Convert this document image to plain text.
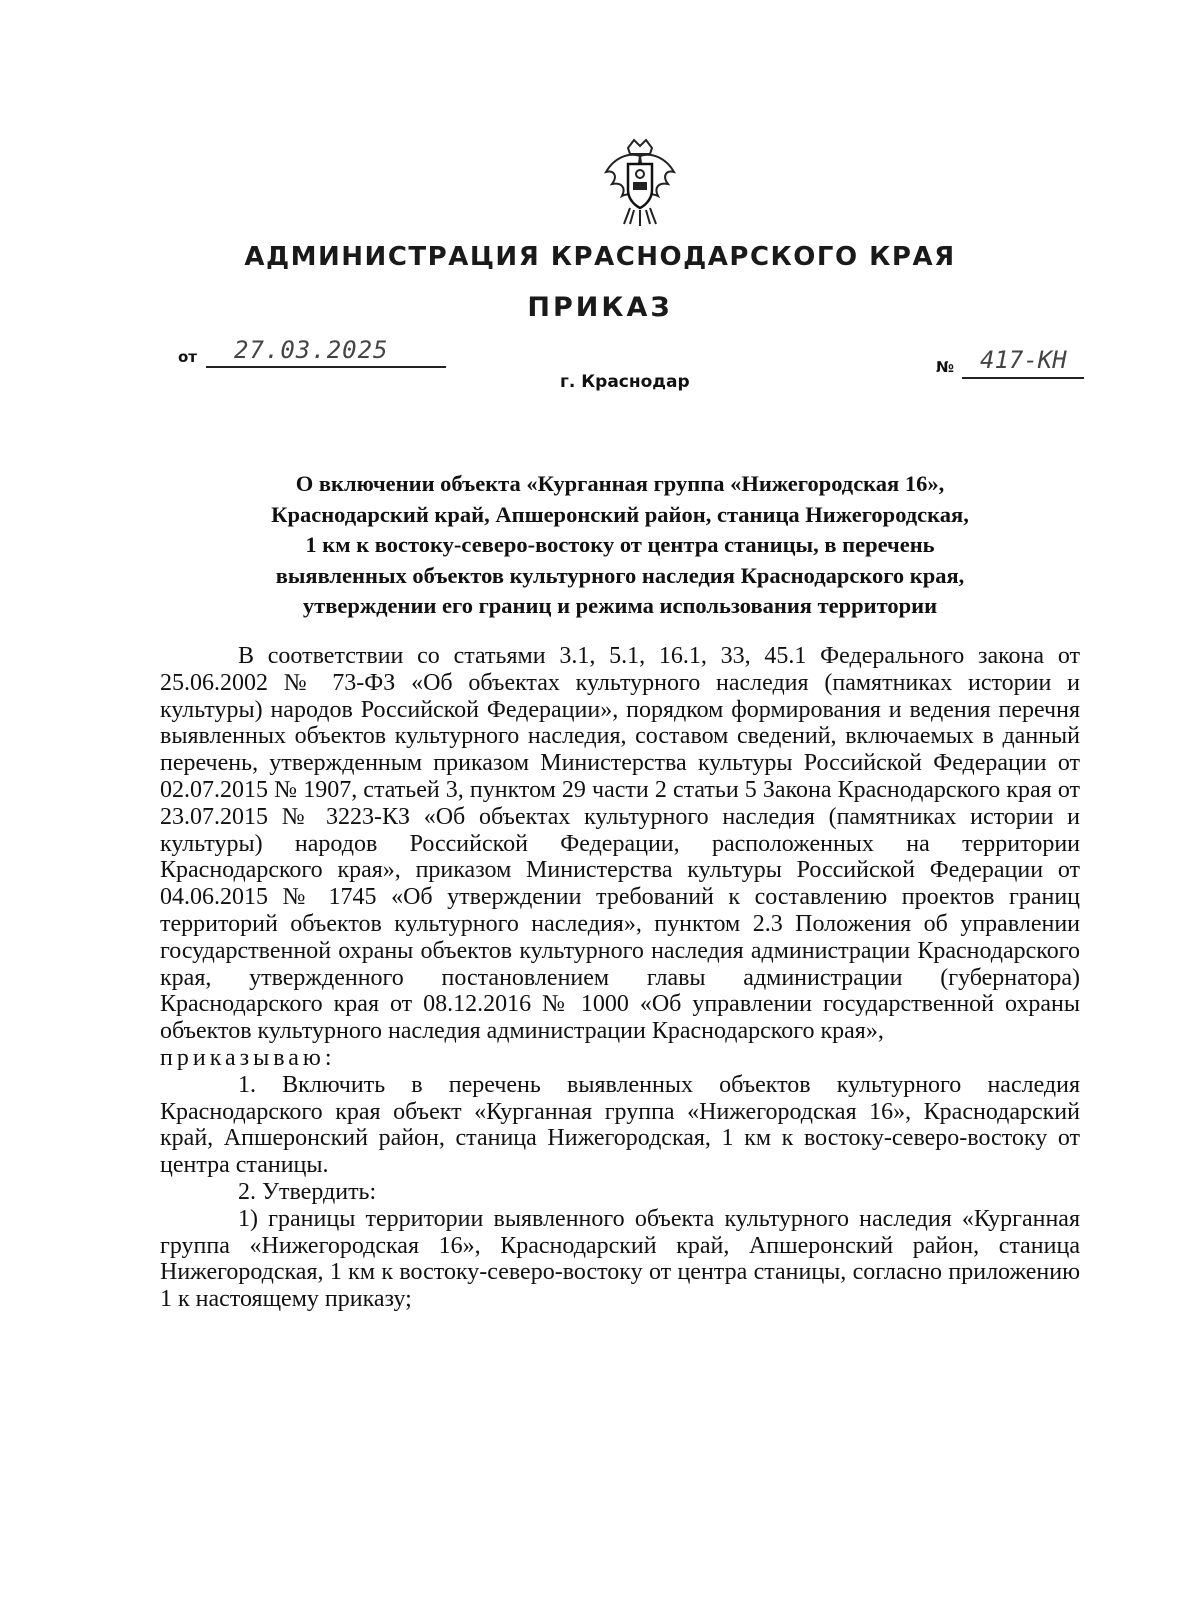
АДМИНИСТРАЦИЯ КРАСНОДАРСКОГО КРАЯ
ПРИКАЗ
от 27.03.2025
г. Краснодар
№ 417-КН
О включении объекта «Курганная группа «Нижегородская 16»,
Краснодарский край, Апшеронский район, станица Нижегородская,
1 км к востоку-северо-востоку от центра станицы, в перечень
выявленных объектов культурного наследия Краснодарского края,
утверждении его границ и режима использования территории

В соответствии со статьями 3.1, 5.1, 16.1, 33, 45.1 Федерального закона от 25.06.2002 № 73-ФЗ «Об объектах культурного наследия (памятниках истории и культуры) народов Российской Федерации», порядком формирования и ведения перечня выявленных объектов культурного наследия, составом сведений, включаемых в данный перечень, утвержденным приказом Министерства культуры Российской Федерации от 02.07.2015 № 1907, статьей 3, пунктом 29 части 2 статьи 5 Закона Краснодарского края от 23.07.2015 № 3223-КЗ «Об объектах культурного наследия (памятниках истории и культуры) народов Российской Федерации, расположенных на территории Краснодарского края», приказом Министерства культуры Российской Федерации от 04.06.2015 № 1745 «Об утверждении требований к составлению проектов границ территорий объектов культурного наследия», пунктом 2.3 Положения об управлении государственной охраны объектов культурного наследия администрации Краснодарского края, утвержденного постановлением главы администрации (губернатора) Краснодарского края от 08.12.2016 № 1000 «Об управлении государственной охраны объектов культурного наследия администрации Краснодарского края»,

приказываю:

1. Включить в перечень выявленных объектов культурного наследия Краснодарского края объект «Курганная группа «Нижегородская 16», Краснодарский край, Апшеронский район, станица Нижегородская, 1 км к востоку-северо-востоку от центра станицы.

2. Утвердить:

1) границы территории выявленного объекта культурного наследия «Курганная группа «Нижегородская 16», Краснодарский край, Апшеронский район, станица Нижегородская, 1 км к востоку-северо-востоку от центра станицы, согласно приложению 1 к настоящему приказу;
